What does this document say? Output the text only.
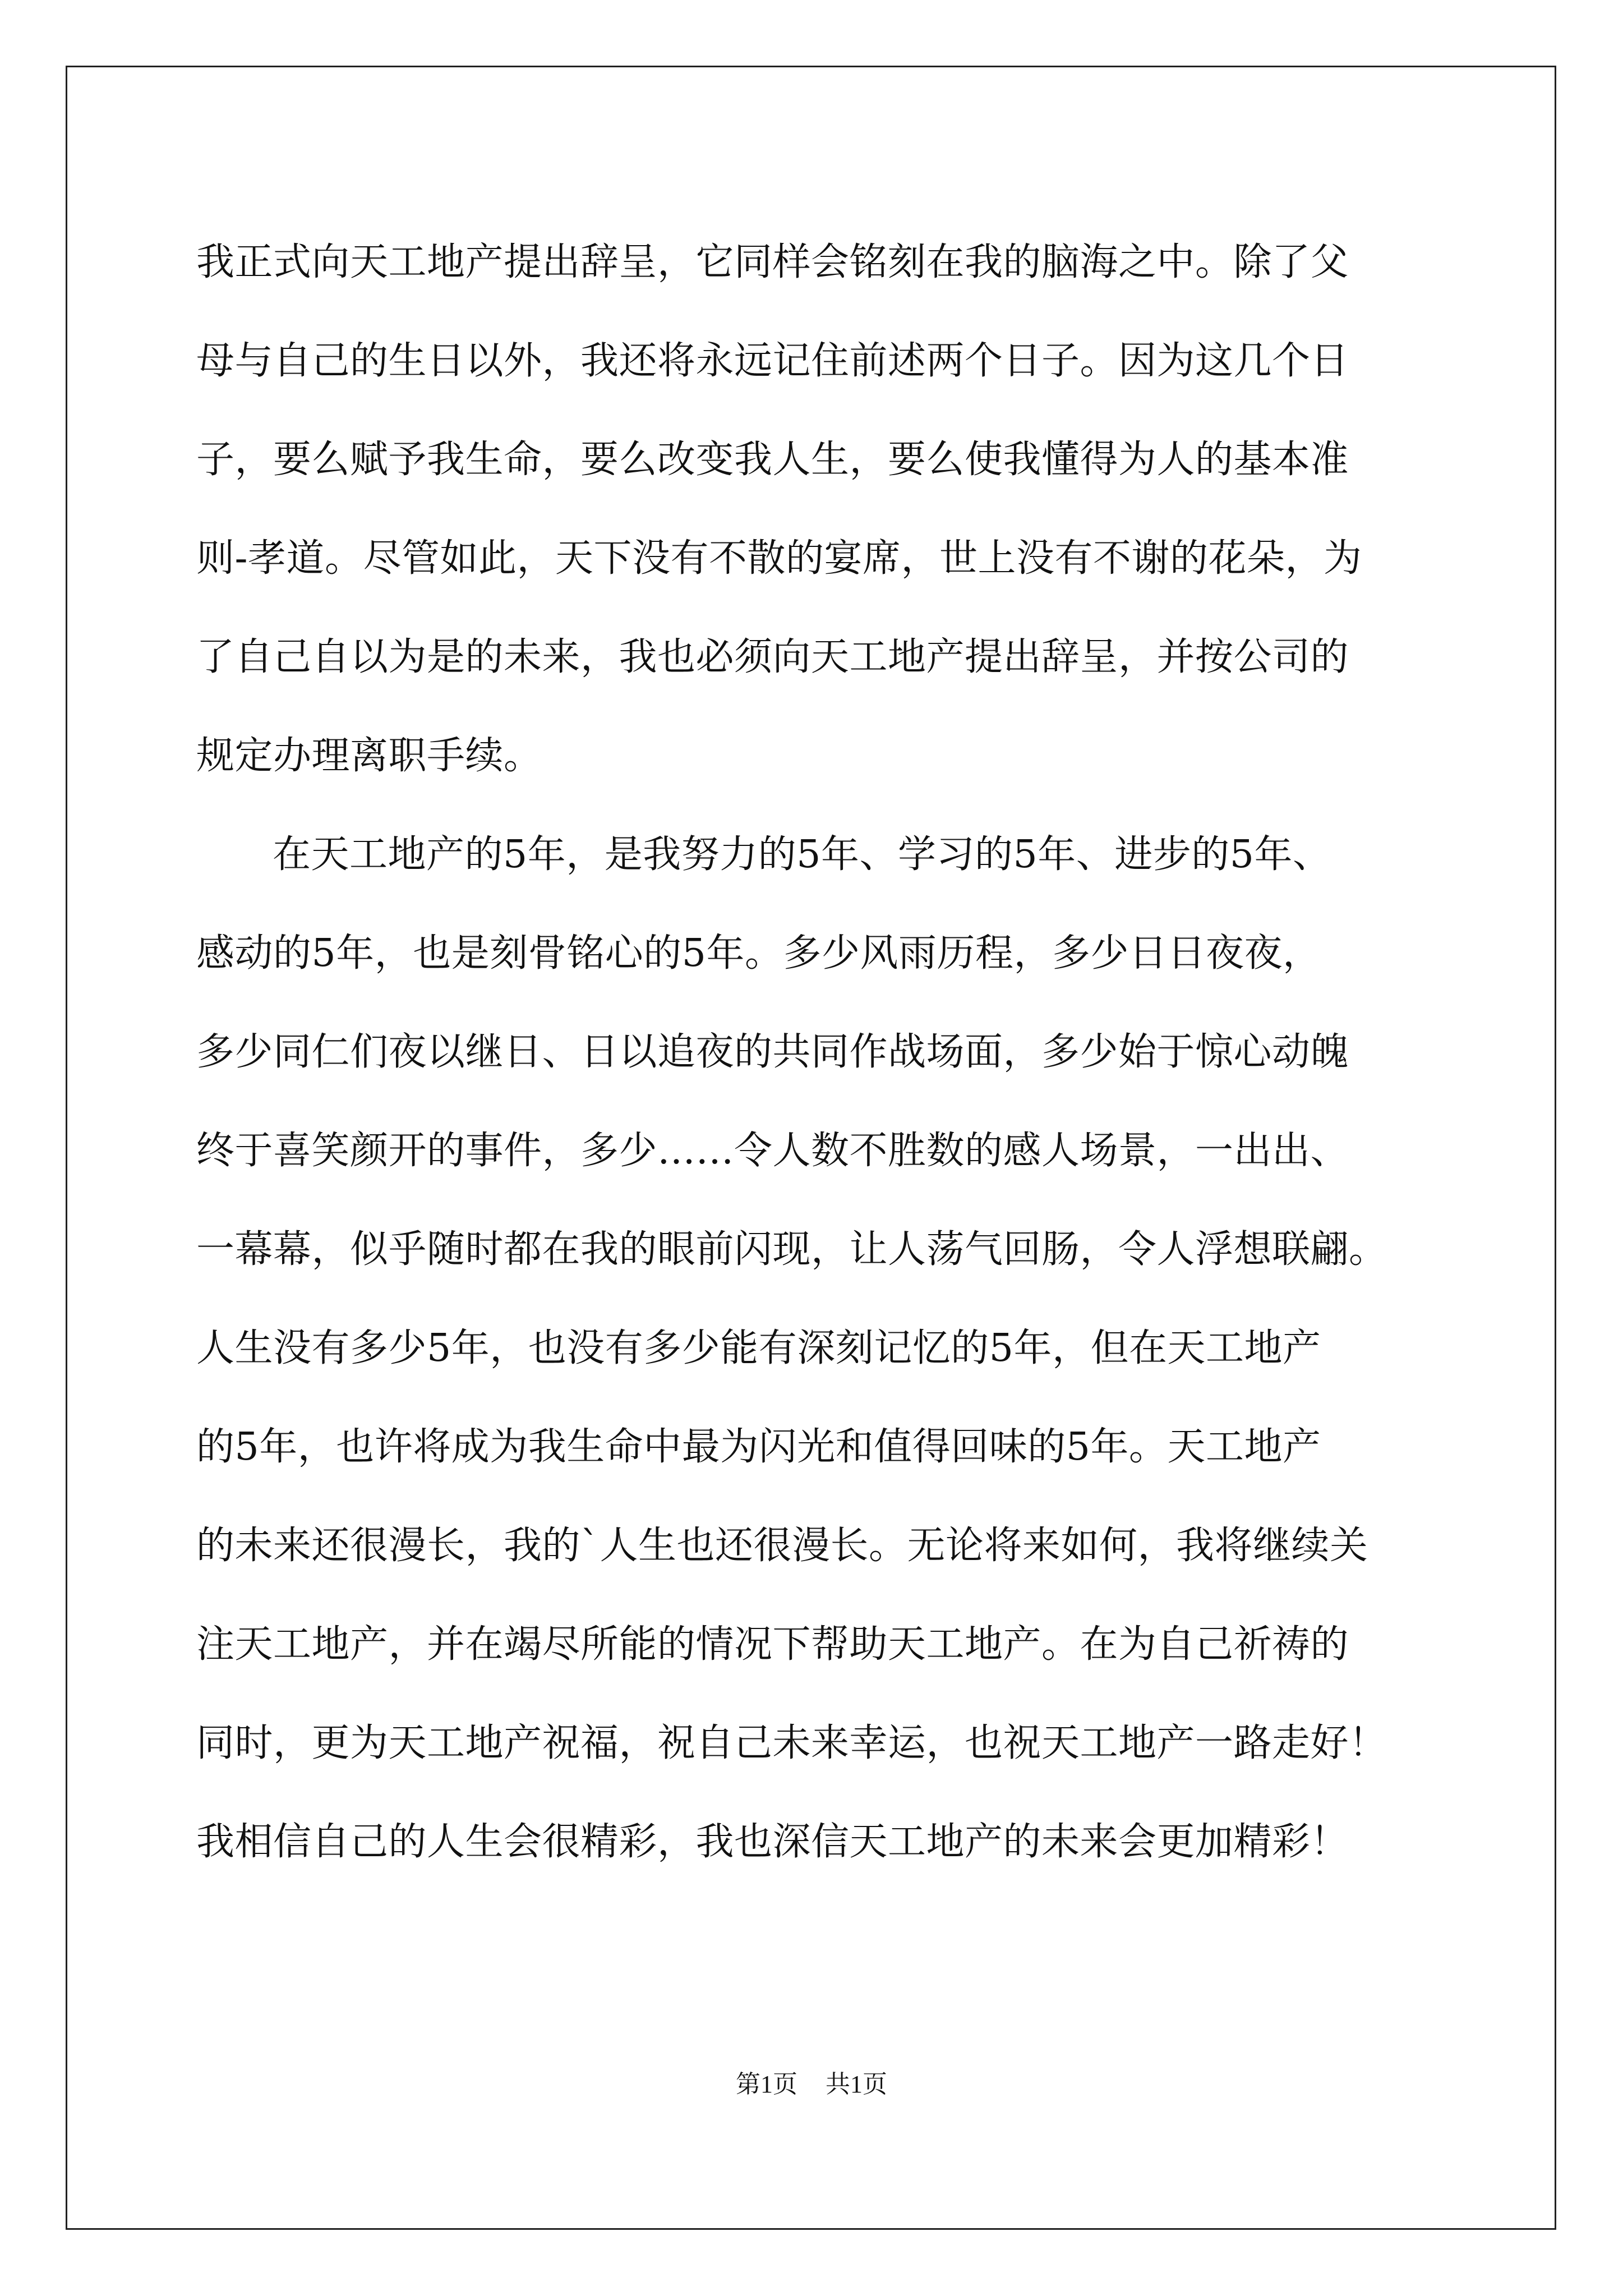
我正式向天工地产提出辞呈，它同样会铭刻在我的脑海之中。除了父
母与自己的生日以外，我还将永远记住前述两个日子。因为这几个日
子，要么赋予我生命，要么改变我人生，要么使我懂得为人的基本准
则-孝道。尽管如此，天下没有不散的宴席，世上没有不谢的花朵，为
了自己自以为是的未来，我也必须向天工地产提出辞呈，并按公司的
规定办理离职手续。
在天工地产的5年，是我努力的5年、学习的5年、进步的5年、
感动的5年，也是刻骨铭心的5年。多少风雨历程，多少日日夜夜，
多少同仁们夜以继日、日以追夜的共同作战场面，多少始于惊心动魄
终于喜笑颜开的事件，多少……令人数不胜数的感人场景，一出出、
一幕幕，似乎随时都在我的眼前闪现，让人荡气回肠，令人浮想联翩。
人生没有多少5年，也没有多少能有深刻记忆的5年，但在天工地产
的5年，也许将成为我生命中最为闪光和值得回味的5年。天工地产
的未来还很漫长，我的`人生也还很漫长。无论将来如何，我将继续关
注天工地产，并在竭尽所能的情况下帮助天工地产。在为自己祈祷的
同时，更为天工地产祝福，祝自己未来幸运，也祝天工地产一路走好！
我相信自己的人生会很精彩，我也深信天工地产的未来会更加精彩！
第1页 共1页
